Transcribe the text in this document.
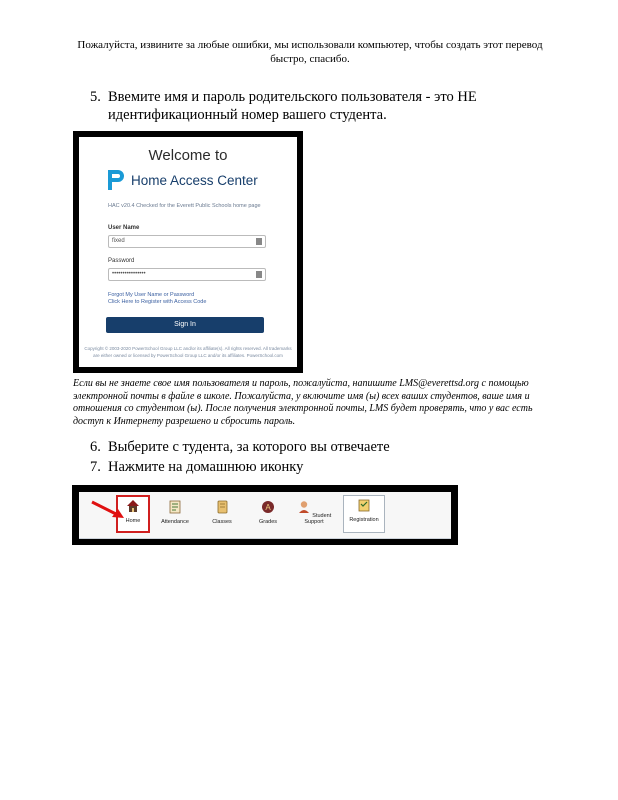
Пожалуйста, извините за любые ошибки, мы использовали компьютер, чтобы создать этот перевод быстро, спасибо.
5. Ввемите имя и пароль родительского пользователя - это НЕ идентификационный номер вашего студента.
Welcome to
Home Access Center
HAC v20.4 Checked for the Everett Public Schools home page
User Name
fixed
Password
••••••••••••••••
Forgot My User Name or Password
Click Here to Register with Access Code
Sign In
Copyright © 2003-2020 PowerSchool Group LLC and/or its affiliate(s). All rights reserved. All trademarks are either owned or licensed by PowerSchool Group LLC and/or its affiliates. PowerSchool.com
Если вы не знаете свое имя пользователя и пароль, пожалуйста, напишите LMS@everettsd.org с помощью электронной почты в файле в школе. Пожалуйста, у включите имя (ы) всех ваших студентов, ваше имя и отношения со студентом (ы). После получения электронной почты, LMS будет проверять, что у вас есть доступ к Интернету разрешено и сбросить пароль.
6. Выберите с тудента, за которого вы отвечаете
7. Нажмите на домашнюю иконку
Home	Attendance	Classes
A
Grades
Student Support	Registration
